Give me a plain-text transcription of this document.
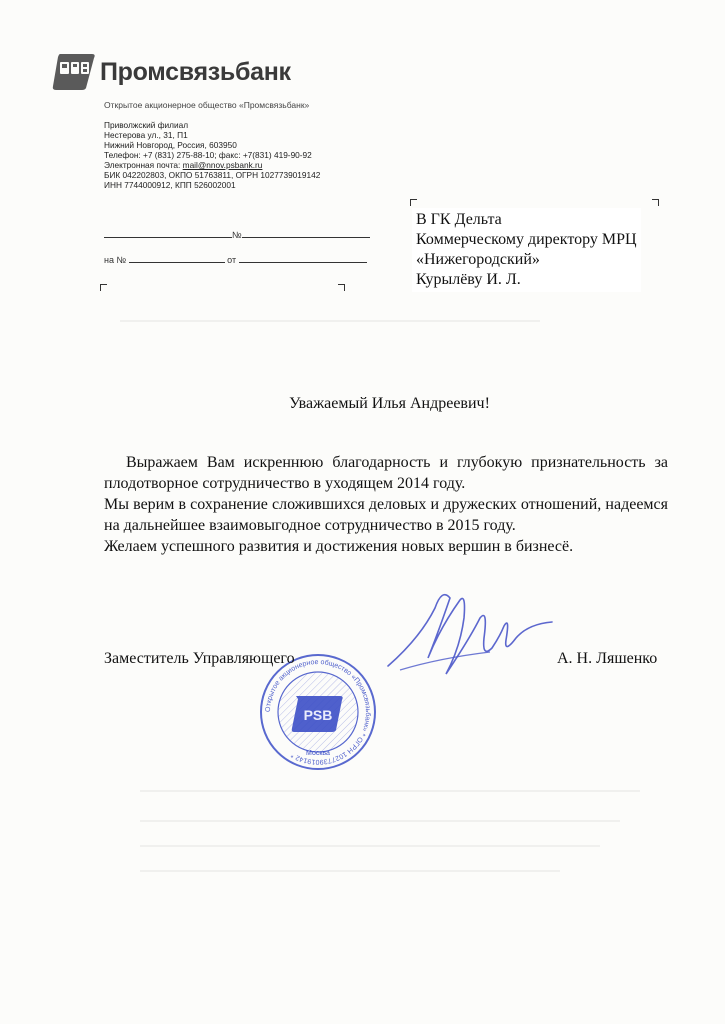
Промсвязьбанк
Открытое акционерное общество «Промсвязьбанк»
Приволжский филиал
Нестерова ул., 31, П1
Нижний Новгород, Россия, 603950
Телефон: +7 (831) 275-88-10; факс: +7(831) 419-90-92
Электронная почта: mail@nnov.psbank.ru
БИК 042202803, ОКПО 51763811, ОГРН 1027739019142
ИНН 7744000912, КПП 526002001
№
на №	от
В ГК Дельта
Коммерческому директору МРЦ
«Нижегородский»
Курылёву И. Л.
Уважаемый Илья Андреевич!
Выражаем Вам искреннюю благодарность и глубокую признательность за плодотворное сотрудничество в уходящем 2014 году.
Мы верим в сохранение сложившихся деловых и дружеских отношений, надеемся на дальнейшее взаимовыгодное сотрудничество в 2015 году.
Желаем успешного развития и достижения новых вершин в бизнесё.
Открытое акционерное общество «Промсвязьбанк» * ОГРН 1027739019142 *
PSB
Москва
Заместитель Управляющего	А. Н. Ляшенко
